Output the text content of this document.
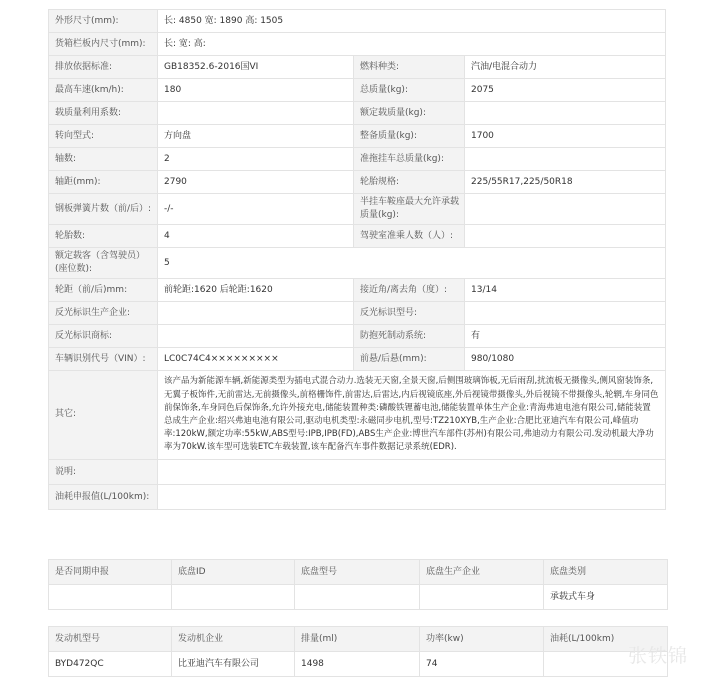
外形尺寸(mm):	长: 4850 宽: 1890 高: 1505		
货箱栏板内尺寸(mm):	长: 宽: 高:		
排放依据标准:	GB18352.6-2016国VI	燃料种类:	汽油/电混合动力
最高车速(km/h):	180	总质量(kg):	2075
载质量利用系数:		额定载质量(kg):	
转向型式:	方向盘	整备质量(kg):	1700
轴数:	2	准拖挂车总质量(kg):	
轴距(mm):	2790	轮胎规格:	225/55R17,225/50R18
钢板弹簧片数（前/后）:	-/-	半挂车鞍座最大允许承载质量(kg):	
轮胎数:	4	驾驶室准乘人数（人）:	
额定载客（含驾驶员）(座位数):	5		
轮距（前/后)mm:	前轮距:1620 后轮距:1620	接近角/离去角（度）:	13/14
反光标识生产企业:		反光标识型号:	
反光标识商标:		防抱死制动系统:	有
车辆识别代号（VIN）:	LC0C74C4×××××××××	前悬/后悬(mm):	980/1080
其它:	该产品为新能源车辆,新能源类型为插电式混合动力.选装无天窗,全景天窗,后侧围玻璃饰板,无后雨刮,扰流板无摄像头,侧风窗装饰条,无翼子板饰件,无前雷达,无前摄像头,前格栅饰件,前雷达,后雷达,内后视镜底座,外后视镜带摄像头,外后视镜不带摄像头,轮辋,车身同色前保饰条,车身同色后保饰条,允许外接充电,储能装置种类:磷酸铁锂蓄电池,储能装置单体生产企业:青海弗迪电池有限公司,储能装置总成生产企业:绍兴弗迪电池有限公司,驱动电机类型:永磁同步电机,型号:TZ210XYB,生产企业:合肥比亚迪汽车有限公司,峰值功率:120kW,额定功率:55kW,ABS型号:IPB,IPB(FD),ABS生产企业:博世汽车部件(苏州)有限公司,弗迪动力有限公司.发动机最大净功率为70kW.该车型可选装ETC车载装置,该车配备汽车事件数据记录系统(EDR).		
说明:			
油耗申报值(L/100km):			
是否同期申报	底盘ID	底盘型号	底盘生产企业	底盘类别
				承载式车身
发动机型号	发动机企业	排量(ml)	功率(kw)	油耗(L/100km)
BYD472QC	比亚迪汽车有限公司	1498	74		张铁锦
